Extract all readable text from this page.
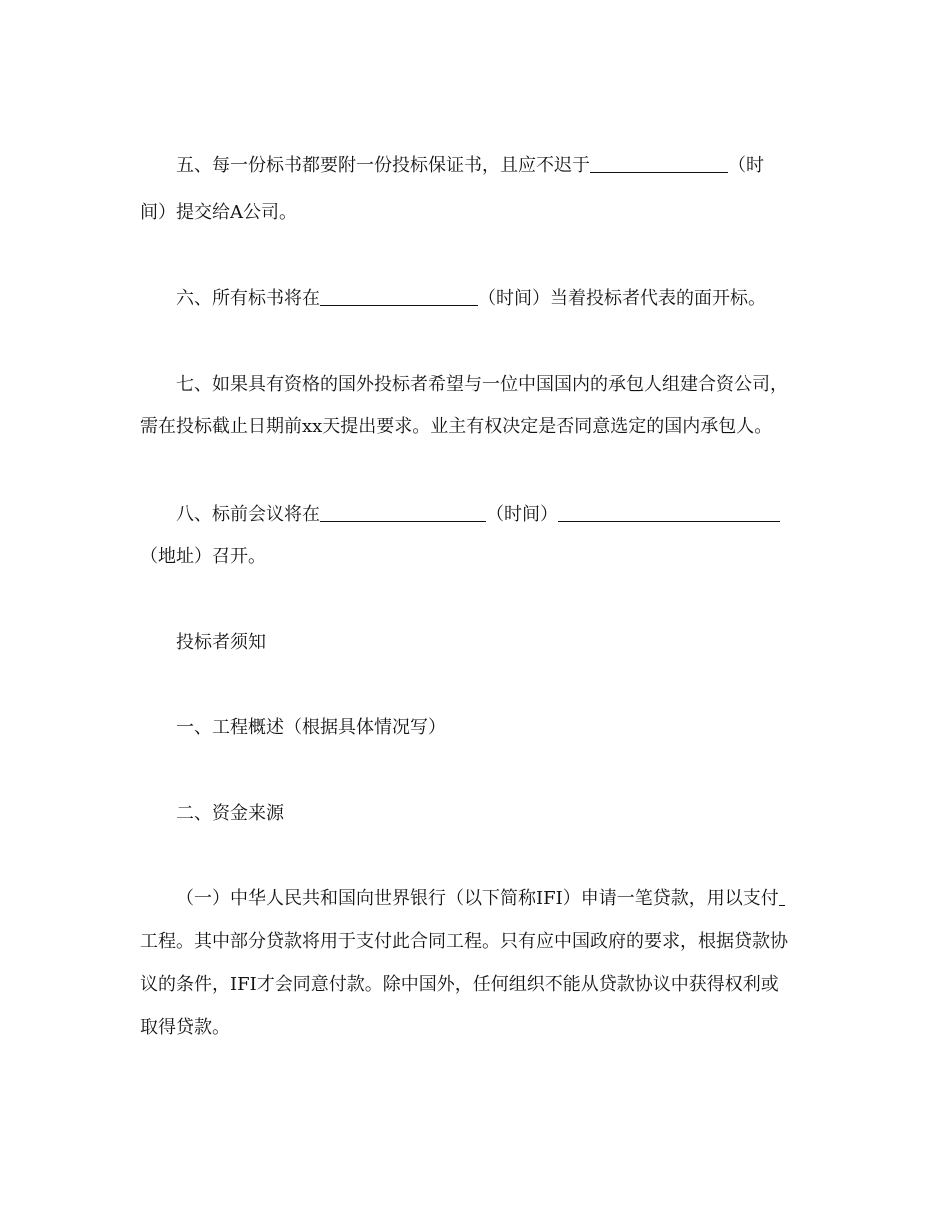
五、每一份标书都要附一份投标保证书，且应不迟于	（时
间）提交给A公司。
六、所有标书将在	（时间）当着投标者代表的面开标。
七、如果具有资格的国外投标者希望与一位中国国内的承包人组建合资公司，
需在投标截止日期前xx天提出要求。业主有权决定是否同意选定的国内承包人。
八、标前会议将在	（时间）
（地址）召开。
投标者须知
一、工程概述（根据具体情况写）
二、资金来源
（一）中华人民共和国向世界银行（以下简称IFI）申请一笔贷款，用以支付
工程。其中部分贷款将用于支付此合同工程。只有应中国政府的要求，根据贷款协
议的条件，IFI才会同意付款。除中国外，任何组织不能从贷款协议中获得权利或
取得贷款。
